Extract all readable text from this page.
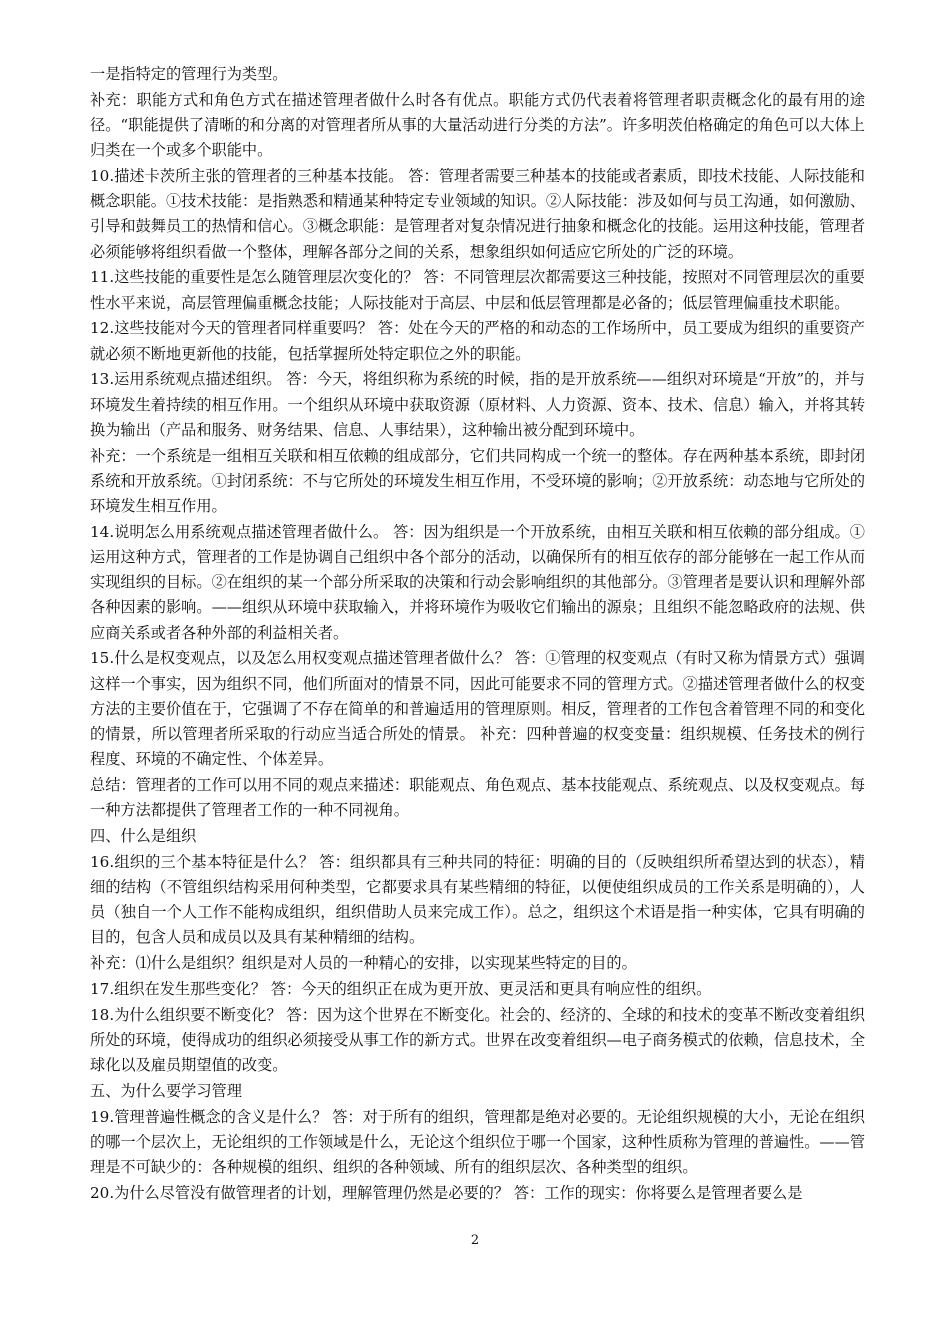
一是指特定的管理行为类型。

补充：职能方式和角色方式在描述管理者做什么时各有优点。职能方式仍代表着将管理者职责概念化的最有用的途径。“职能提供了清晰的和分离的对管理者所从事的大量活动进行分类的方法”。许多明茨伯格确定的角色可以大体上归类在一个或多个职能中。

10.描述卡茨所主张的管理者的三种基本技能。 答：管理者需要三种基本的技能或者素质，即技术技能、人际技能和概念职能。①技术技能：是指熟悉和精通某种特定专业领域的知识。②人际技能：涉及如何与员工沟通，如何激励、引导和鼓舞员工的热情和信心。③概念职能：是管理者对复杂情况进行抽象和概念化的技能。运用这种技能，管理者必须能够将组织看做一个整体，理解各部分之间的关系，想象组织如何适应它所处的广泛的环境。

11.这些技能的重要性是怎么随管理层次变化的？ 答：不同管理层次都需要这三种技能，按照对不同管理层次的重要性水平来说，高层管理偏重概念技能；人际技能对于高层、中层和低层管理都是必备的；低层管理偏重技术职能。

12.这些技能对今天的管理者同样重要吗？ 答：处在今天的严格的和动态的工作场所中，员工要成为组织的重要资产就必须不断地更新他的技能，包括掌握所处特定职位之外的职能。

13.运用系统观点描述组织。 答：今天，将组织称为系统的时候，指的是开放系统——组织对环境是“开放”的，并与环境发生着持续的相互作用。一个组织从环境中获取资源（原材料、人力资源、资本、技术、信息）输入，并将其转换为输出（产品和服务、财务结果、信息、人事结果），这种输出被分配到环境中。

补充：一个系统是一组相互关联和相互依赖的组成部分，它们共同构成一个统一的整体。存在两种基本系统，即封闭系统和开放系统。①封闭系统：不与它所处的环境发生相互作用，不受环境的影响；②开放系统：动态地与它所处的环境发生相互作用。

14.说明怎么用系统观点描述管理者做什么。 答：因为组织是一个开放系统，由相互关联和相互依赖的部分组成。①运用这种方式，管理者的工作是协调自己组织中各个部分的活动，以确保所有的相互依存的部分能够在一起工作从而实现组织的目标。②在组织的某一个部分所采取的决策和行动会影响组织的其他部分。③管理者是要认识和理解外部各种因素的影响。——组织从环境中获取输入，并将环境作为吸收它们输出的源泉；且组织不能忽略政府的法规、供应商关系或者各种外部的利益相关者。

15.什么是权变观点，以及怎么用权变观点描述管理者做什么？ 答：①管理的权变观点（有时又称为情景方式）强调这样一个事实，因为组织不同，他们所面对的情景不同，因此可能要求不同的管理方式。②描述管理者做什么的权变方法的主要价值在于，它强调了不存在简单的和普遍适用的管理原则。相反，管理者的工作包含着管理不同的和变化的情景，所以管理者所采取的行动应当适合所处的情景。 补充：四种普遍的权变变量：组织规模、任务技术的例行程度、环境的不确定性、个体差异。

总结：管理者的工作可以用不同的观点来描述：职能观点、角色观点、基本技能观点、系统观点、以及权变观点。每一种方法都提供了管理者工作的一种不同视角。

四、什么是组织

16.组织的三个基本特征是什么？ 答：组织都具有三种共同的特征：明确的目的（反映组织所希望达到的状态），精细的结构（不管组织结构采用何种类型，它都要求具有某些精细的特征，以便使组织成员的工作关系是明确的），人员（独自一个人工作不能构成组织，组织借助人员来完成工作）。总之，组织这个术语是指一种实体，它具有明确的目的，包含人员和成员以及具有某种精细的结构。

补充：⑴什么是组织？组织是对人员的一种精心的安排，以实现某些特定的目的。

17.组织在发生那些变化？ 答：今天的组织正在成为更开放、更灵活和更具有响应性的组织。

18.为什么组织要不断变化？ 答：因为这个世界在不断变化。社会的、经济的、全球的和技术的变革不断改变着组织所处的环境，使得成功的组织必须接受从事工作的新方式。世界在改变着组织—电子商务模式的依赖，信息技术，全球化以及雇员期望值的改变。

五、为什么要学习管理

19.管理普遍性概念的含义是什么？ 答：对于所有的组织，管理都是绝对必要的。无论组织规模的大小，无论在组织的哪一个层次上，无论组织的工作领域是什么，无论这个组织位于哪一个国家，这种性质称为管理的普遍性。——管理是不可缺少的：各种规模的组织、组织的各种领域、所有的组织层次、各种类型的组织。

20.为什么尽管没有做管理者的计划，理解管理仍然是必要的？ 答：工作的现实：你将要么是管理者要么是

2
